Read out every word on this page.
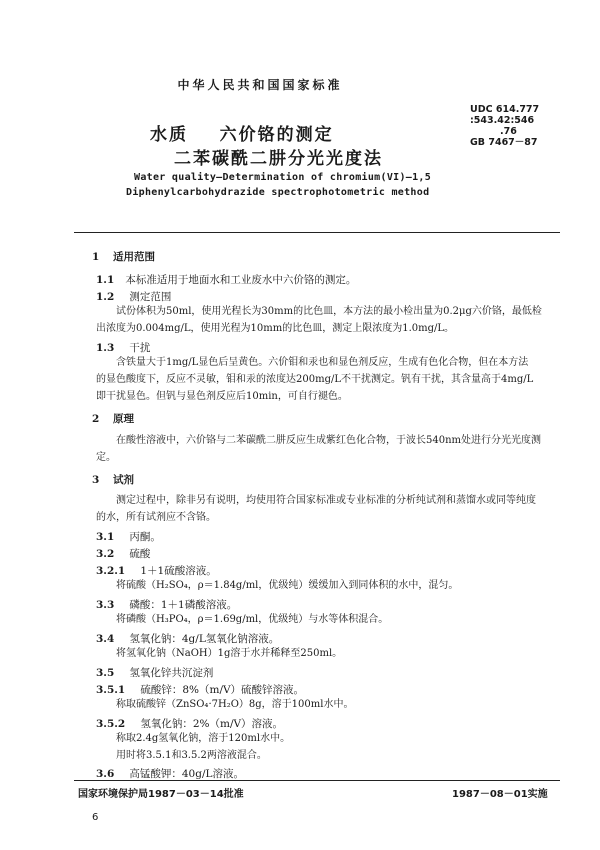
中华人民共和国国家标准
UDC 614.777
:543.42:546
.76
GB 7467－87
水质    六价铬的测定
二苯碳酰二肼分光光度法
Water quality—Determination of chromium(VI)—1,5
Diphenylcarbohydrazide spectrophotometric method
1 适用范围
1.1 本标准适用于地面水和工业废水中六价铬的测定。
1.2 测定范围
试份体积为50ml，使用光程长为30mm的比色皿，本方法的最小检出量为0.2μg六价铬，最低检
出浓度为0.004mg/L，使用光程为10mm的比色皿，测定上限浓度为1.0mg/L。
1.3 干扰
含铁量大于1mg/L显色后呈黄色。六价钼和汞也和显色剂反应，生成有色化合物，但在本方法
的显色酸度下，反应不灵敏，钼和汞的浓度达200mg/L不干扰测定。钒有干扰，其含量高于4mg/L
即干扰显色。但钒与显色剂反应后10min，可自行褪色。
2 原理
在酸性溶液中，六价铬与二苯碳酰二肼反应生成紫红色化合物，于波长540nm处进行分光光度测
定。
3 试剂
测定过程中，除非另有说明，均使用符合国家标准或专业标准的分析纯试剂和蒸馏水或同等纯度
的水，所有试剂应不含铬。
3.1 丙酮。
3.2 硫酸
3.2.1 1＋1硫酸溶液。
将硫酸（H₂SO₄，ρ＝1.84g/ml，优级纯）缓缓加入到同体积的水中，混匀。
3.3 磷酸：1＋1磷酸溶液。
将磷酸（H₃PO₄，ρ＝1.69g/ml，优级纯）与水等体积混合。
3.4 氢氧化钠：4g/L氢氧化钠溶液。
将氢氧化钠（NaOH）1g溶于水并稀释至250ml。
3.5 氢氧化锌共沉淀剂
3.5.1 硫酸锌：8%（m/V）硫酸锌溶液。
称取硫酸锌（ZnSO₄·7H₂O）8g，溶于100ml水中。
3.5.2 氢氧化钠：2%（m/V）溶液。
称取2.4g氢氧化钠，溶于120ml水中。
用时将3.5.1和3.5.2两溶液混合。
3.6 高锰酸钾：40g/L溶液。
国家环境保护局1987－03－14批准	1987－08－01实施
6
